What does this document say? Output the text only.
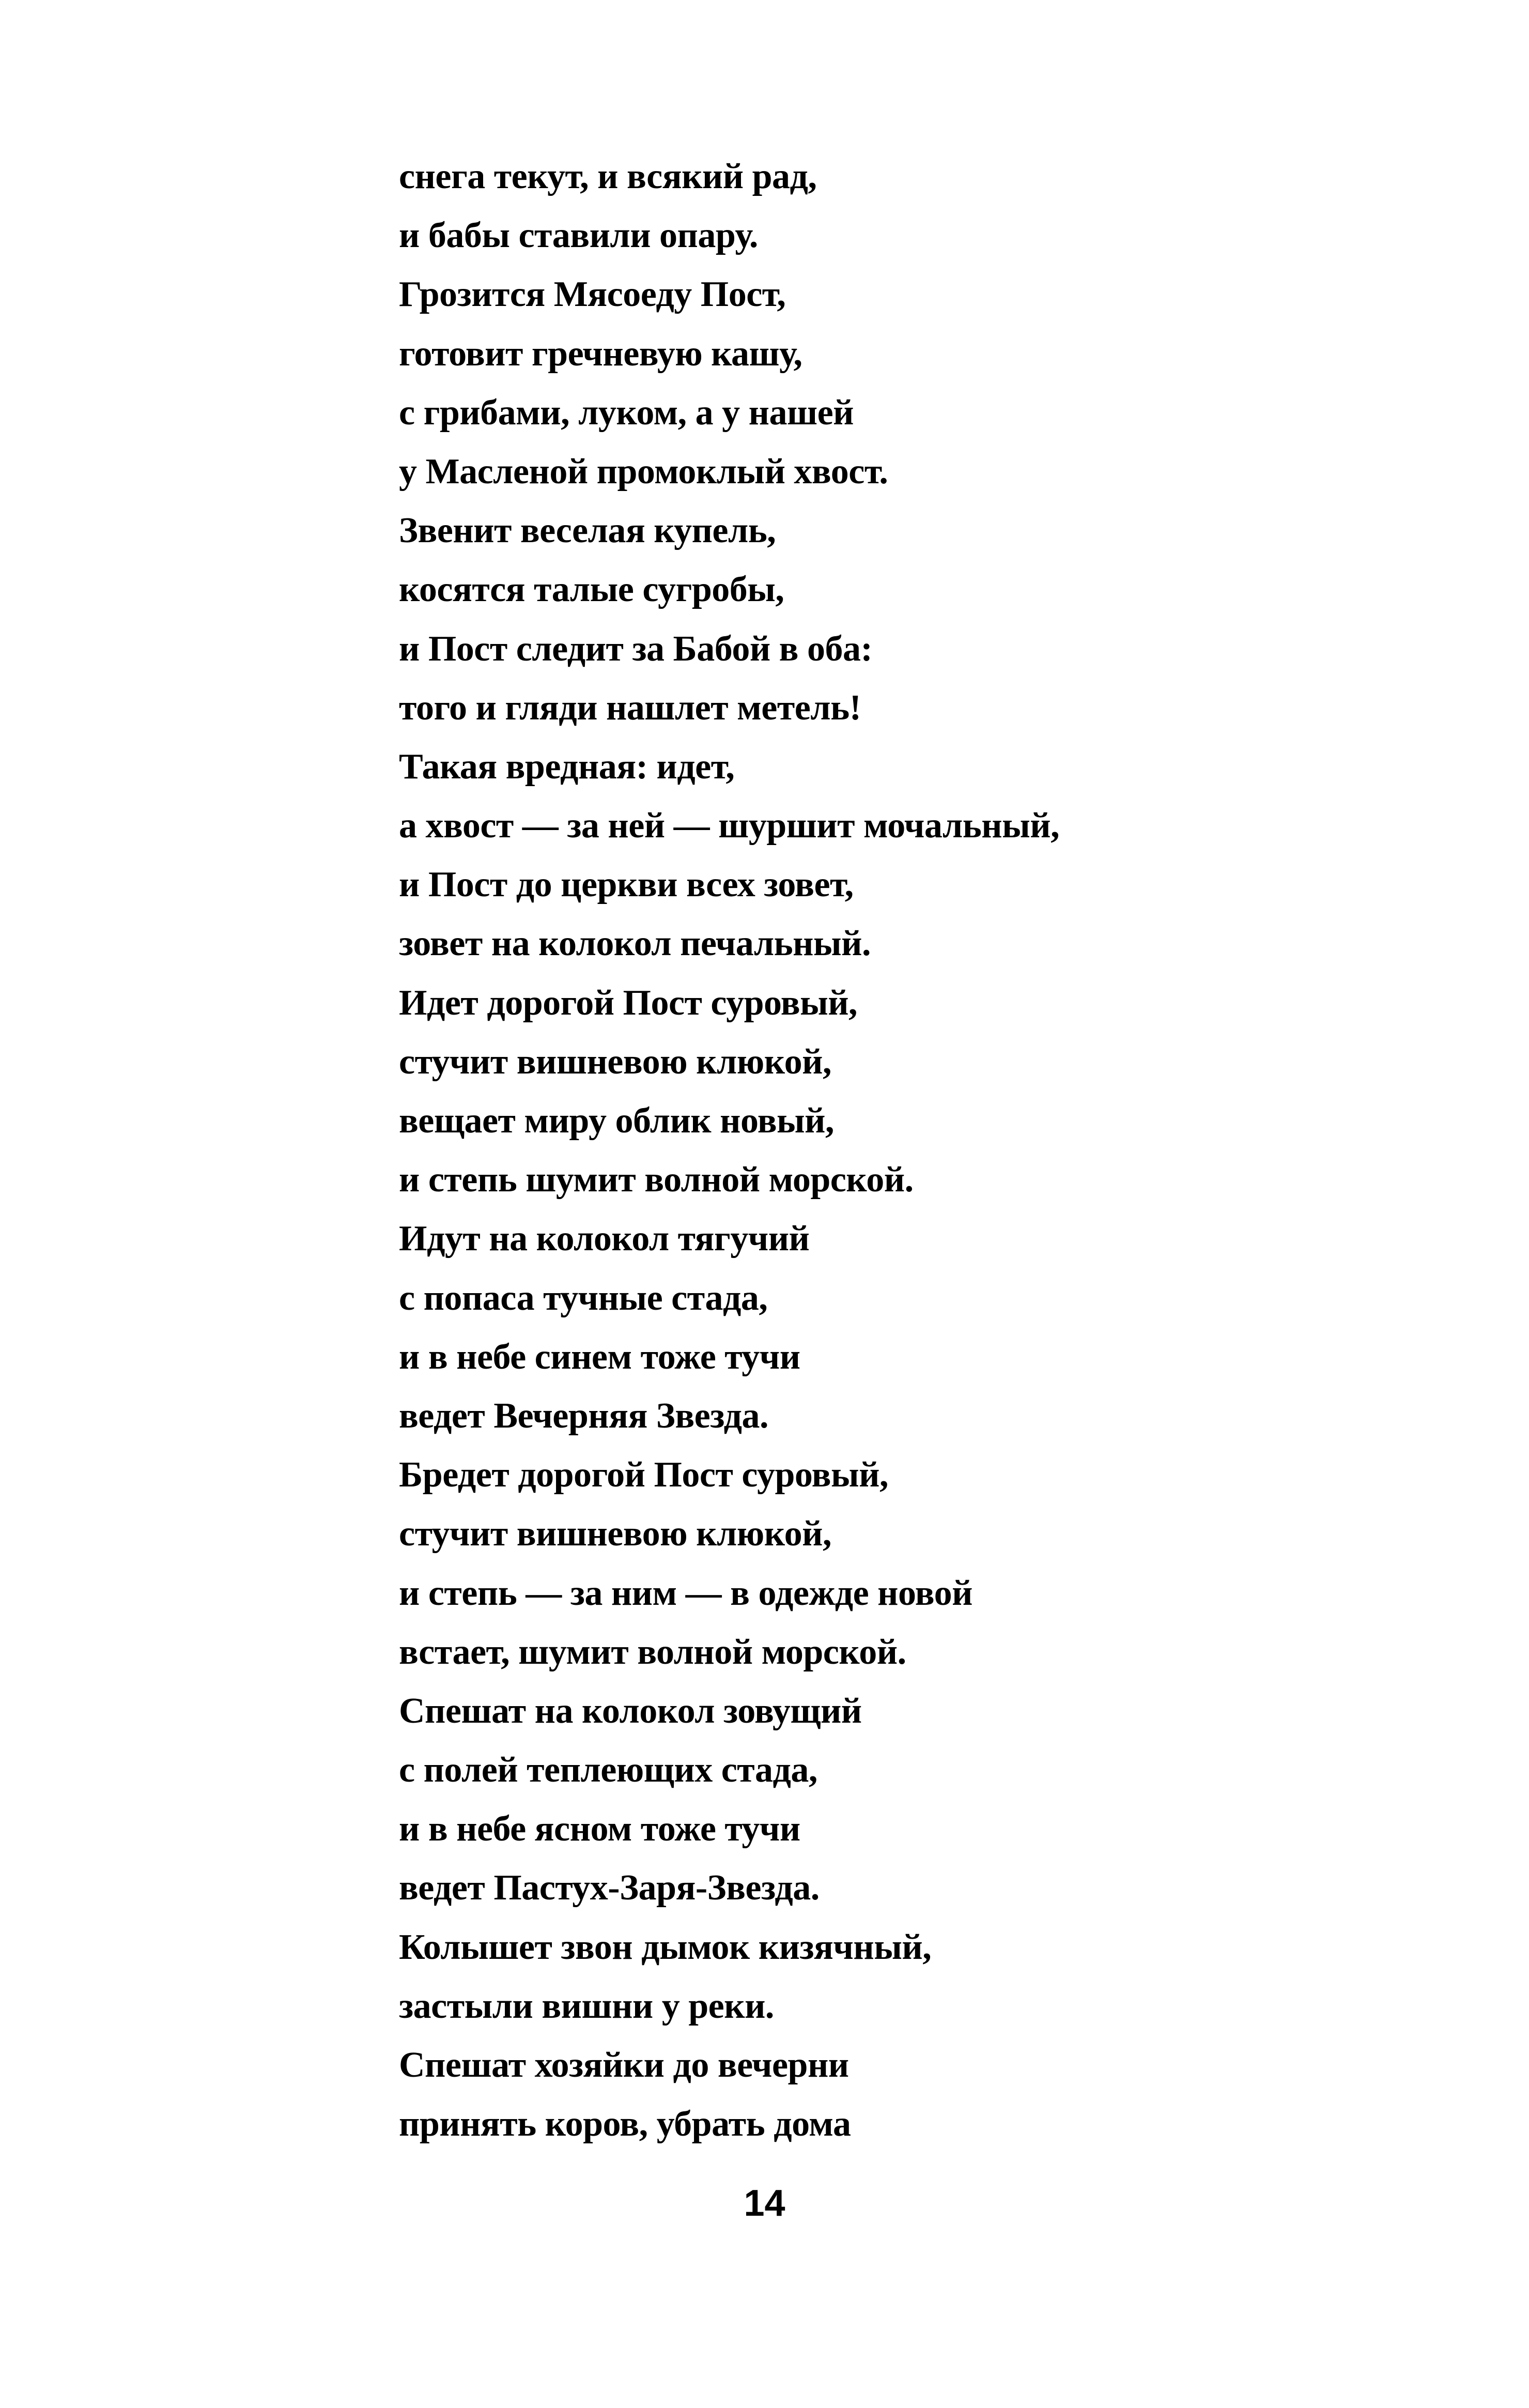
снега текут, и всякий рад,
и бабы ставили опару.
Грозится Мясоеду Пост,
готовит гречневую кашу,
с грибами, луком, а у нашей
у Масленой промоклый хвост.
Звенит веселая купель,
косятся талые сугробы,
и Пост следит за Бабой в оба:
того и гляди нашлет метель!
Такая вредная: идет,
а хвост — за ней — шуршит мочальный,
и Пост до церкви всех зовет,
зовет на колокол печальный.
Идет дорогой Пост суровый,
стучит вишневою клюкой,
вещает миру облик новый,
и степь шумит волной морской.
Идут на колокол тягучий
с попаса тучные стада,
и в небе синем тоже тучи
ведет Вечерняя Звезда.
Бредет дорогой Пост суровый,
стучит вишневою клюкой,
и степь — за ним — в одежде новой
встает, шумит волной морской.
Спешат на колокол зовущий
с полей теплеющих стада,
и в небе ясном тоже тучи
ведет Пастух-Заря-Звезда.
Колышет звон дымок кизячный,
застыли вишни у реки.
Спешат хозяйки до вечерни
принять коров, убрать дома
14
